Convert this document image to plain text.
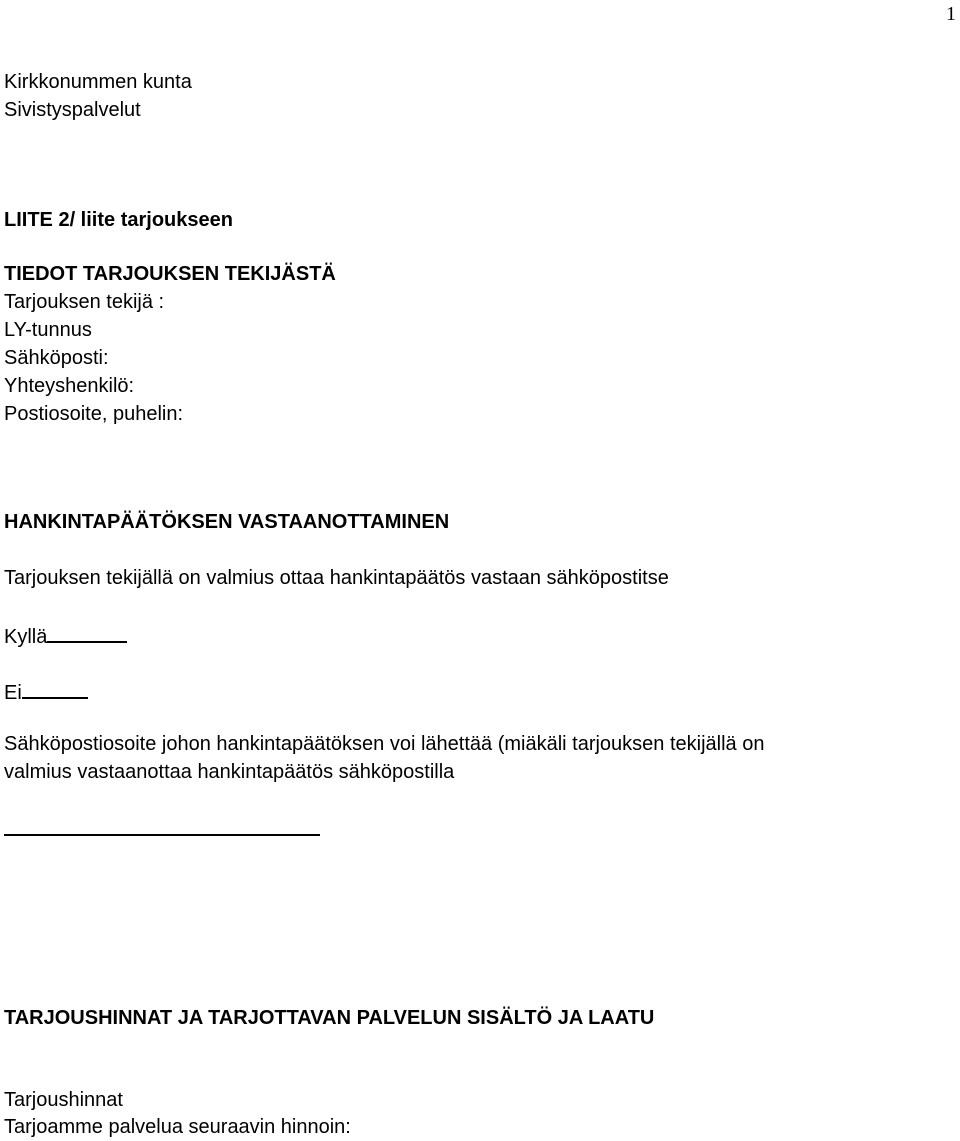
1
Kirkkonummen kunta
Sivistyspalvelut
LIITE 2/ liite tarjoukseen
TIEDOT TARJOUKSEN TEKIJÄSTÄ
Tarjouksen tekijä :
LY-tunnus
Sähköposti:
Yhteyshenkilö:
Postiosoite, puhelin:
HANKINTAPÄÄTÖKSEN VASTAANOTTAMINEN
Tarjouksen tekijällä on valmius ottaa hankintapäätös vastaan sähköpostitse
Kyllä
Ei
Sähköpostiosoite johon hankintapäätöksen voi lähettää (miäkäli tarjouksen tekijällä on
valmius vastaanottaa hankintapäätös sähköpostilla
TARJOUSHINNAT JA TARJOTTAVAN PALVELUN SISÄLTÖ JA LAATU
Tarjoushinnat
Tarjoamme palvelua seuraavin hinnoin:
